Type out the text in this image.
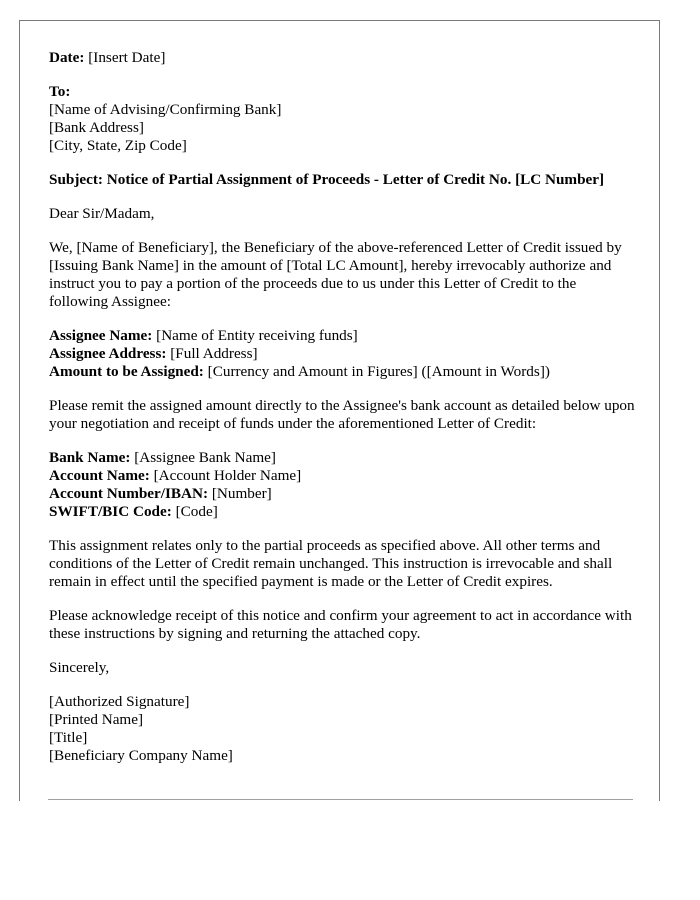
Date: [Insert Date]
To:
[Name of Advising/Confirming Bank]
[Bank Address]
[City, State, Zip Code]
Subject: Notice of Partial Assignment of Proceeds - Letter of Credit No. [LC Number]
Dear Sir/Madam,
We, [Name of Beneficiary], the Beneficiary of the above-referenced Letter of Credit issued by [Issuing Bank Name] in the amount of [Total LC Amount], hereby irrevocably authorize and instruct you to pay a portion of the proceeds due to us under this Letter of Credit to the following Assignee:
Assignee Name: [Name of Entity receiving funds]
Assignee Address: [Full Address]
Amount to be Assigned: [Currency and Amount in Figures] ([Amount in Words])
Please remit the assigned amount directly to the Assignee's bank account as detailed below upon your negotiation and receipt of funds under the aforementioned Letter of Credit:
Bank Name: [Assignee Bank Name]
Account Name: [Account Holder Name]
Account Number/IBAN: [Number]
SWIFT/BIC Code: [Code]
This assignment relates only to the partial proceeds as specified above. All other terms and conditions of the Letter of Credit remain unchanged. This instruction is irrevocable and shall remain in effect until the specified payment is made or the Letter of Credit expires.
Please acknowledge receipt of this notice and confirm your agreement to act in accordance with these instructions by signing and returning the attached copy.
Sincerely,
[Authorized Signature]
[Printed Name]
[Title]
[Beneficiary Company Name]
